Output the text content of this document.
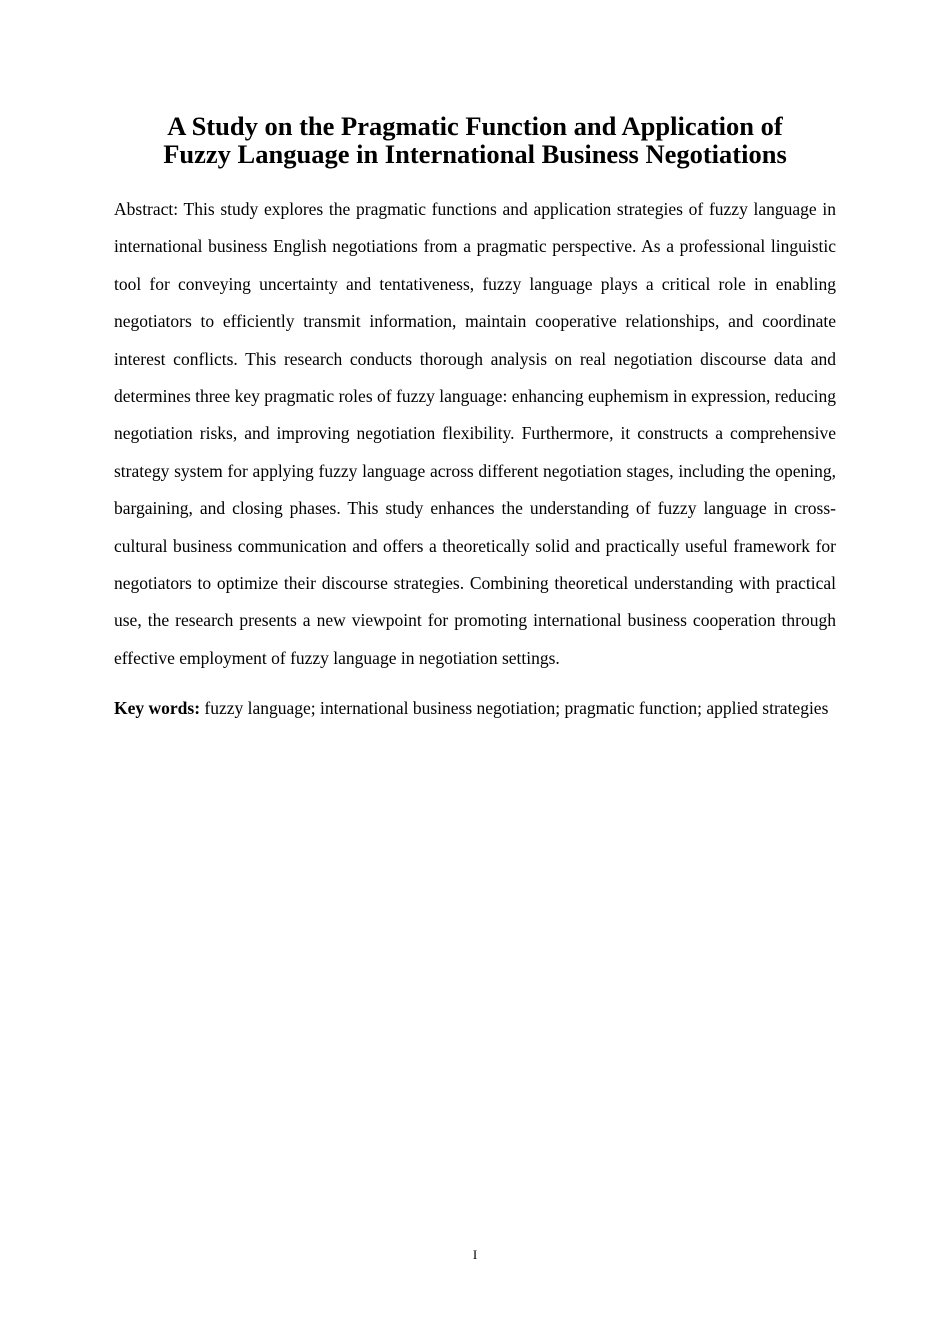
A Study on the Pragmatic Function and Application of
Fuzzy Language in International Business Negotiations

Abstract: This study explores the pragmatic functions and application strategies of fuzzy language in international business English negotiations from a pragmatic perspective. As a professional linguistic tool for conveying uncertainty and tentativeness, fuzzy language plays a critical role in enabling negotiators to efficiently transmit information, maintain cooperative relationships, and coordinate interest conflicts. This research conducts thorough analysis on real negotiation discourse data and determines three key pragmatic roles of fuzzy language: enhancing euphemism in expression, reducing negotiation risks, and improving negotiation flexibility. Furthermore, it constructs a comprehensive strategy system for applying fuzzy language across different negotiation stages, including the opening, bargaining, and closing phases. This study enhances the understanding of fuzzy language in cross-cultural business communication and offers a theoretically solid and practically useful framework for negotiators to optimize their discourse strategies. Combining theoretical understanding with practical use, the research presents a new viewpoint for promoting international business cooperation through effective employment of fuzzy language in negotiation settings.

Key words: fuzzy language; international business negotiation; pragmatic function; applied strategies

I
